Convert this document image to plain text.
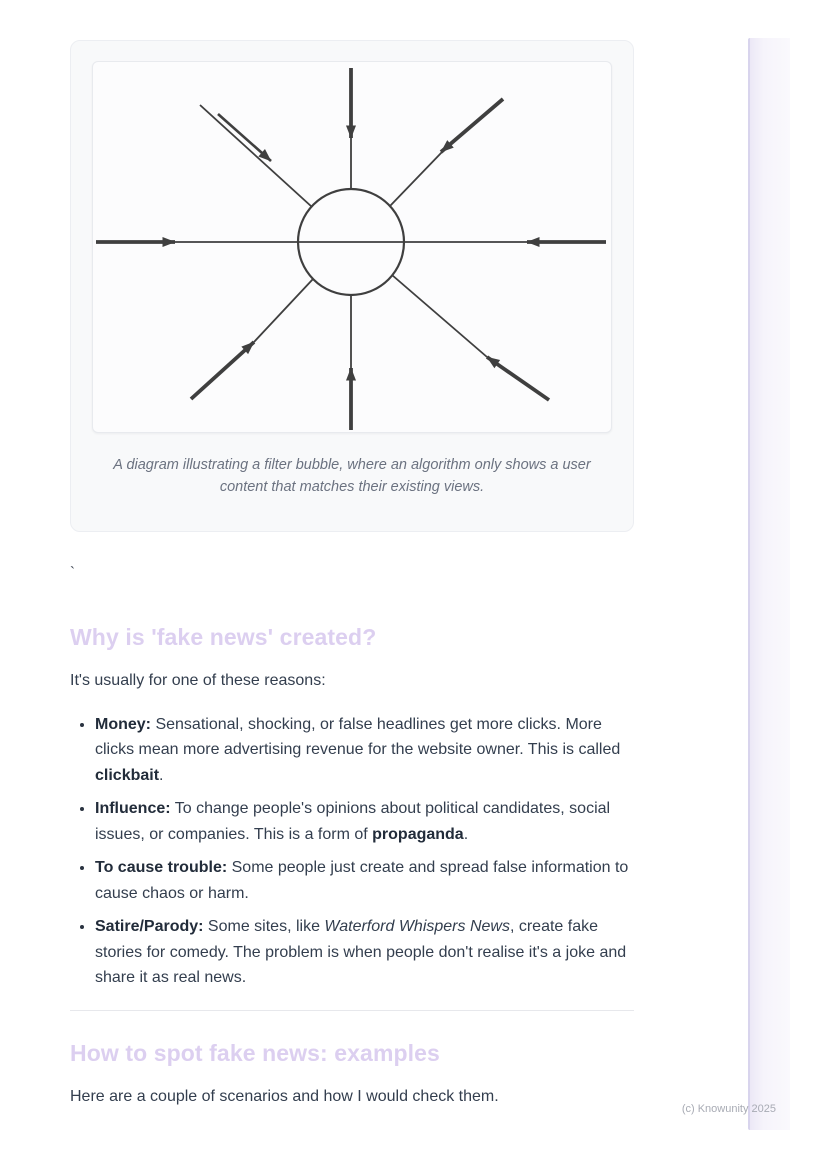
A diagram illustrating a filter bubble, where an algorithm only shows a user content that matches their existing views.

`
Why is 'fake news' created?

It's usually for one of these reasons:

• Money: Sensational, shocking, or false headlines get more clicks. More clicks mean more advertising revenue for the website owner. This is called clickbait.
• Influence: To change people's opinions about political candidates, social issues, or companies. This is a form of propaganda.
• To cause trouble: Some people just create and spread false information to cause chaos or harm.
• Satire/Parody: Some sites, like Waterford Whispers News, create fake stories for comedy. The problem is when people don't realise it's a joke and share it as real news.
How to spot fake news: examples

Here are a couple of scenarios and how I would check them.

(c) Knowunity 2025
